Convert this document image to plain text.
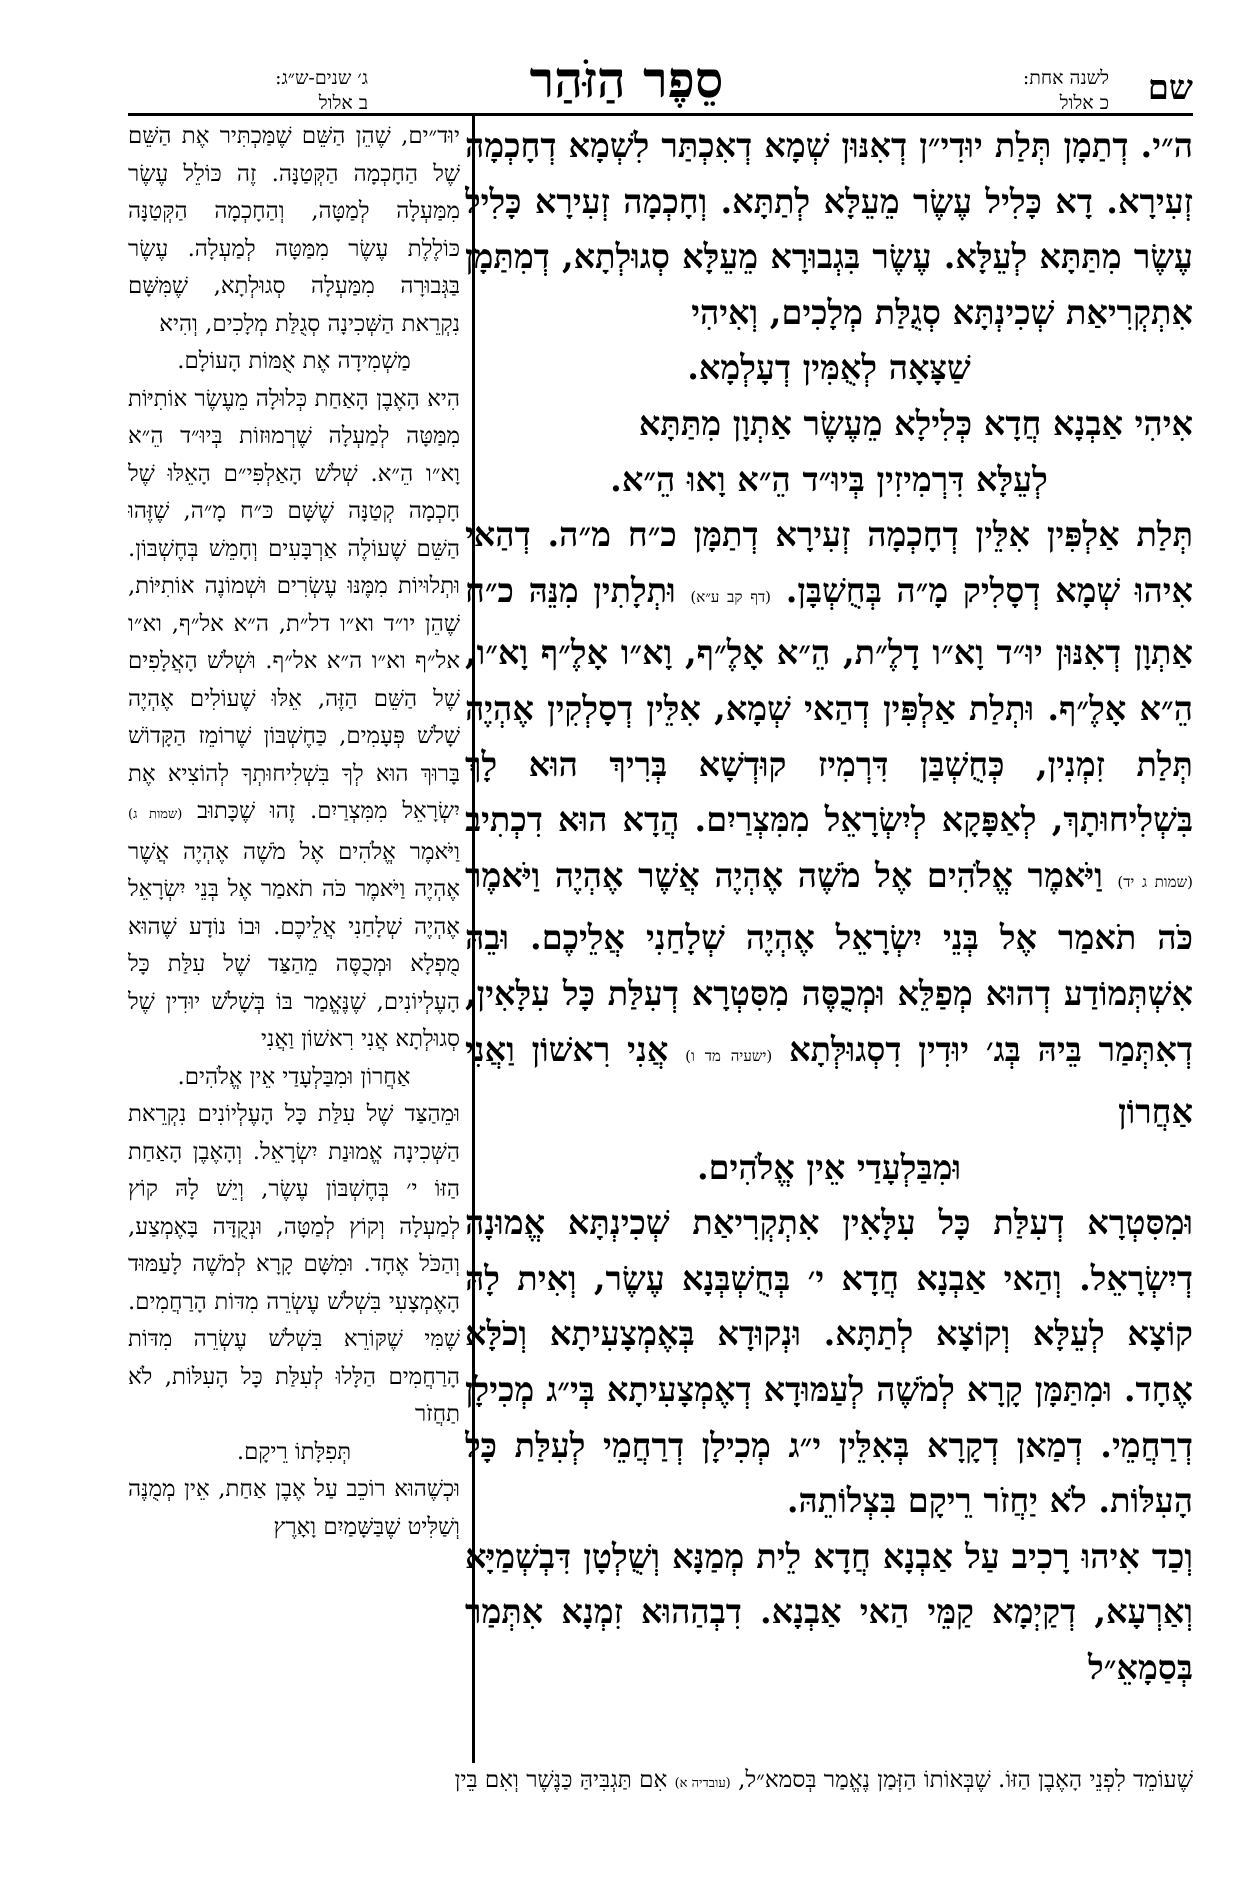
שם
לשנה אחת:
כ אלול
סֵפֶר הַזֹּהַר
ג׳ שנים-ש״ג:
ב אלול

ה״י. דְתַמָן תְּלַת יוּדִי״ן דְאִנּוּן שְׁמָא דְאִכְתַּר לִשְׁמָא דְחָכְמָה זְעִירָא. דָא כָּלִיל עֶשֶׂר מֵעֵלָּא לְתַתָּא. וְחָכְמָה זְעִירָא כָּלִיל עֶשֶׂר מִתַּתָּא לְעֵלָּא. עֶשֶׂר בִּגְבוּרָא מֵעֵלָּא סְגוּלְתָא, דְמִתַּמָן אִתְקְרִיאַת שְׁכִינְתָּא סְגֻלַּת מְלָכִים, וְאִיהִי

שַׁצָּאָה לְאֻמִּין דְעָלְמָא.

אִיהִי אַבְנָא חֲדָא כְּלִילָא מֵעֶשֶׂר אַתְוָן מִתַּתָּא

לְעֵלָּא דִּרְמִיזִין בְּיוּ״ד הֵ״א וָאוּ הֵ״א.

תְּלַת אַלְפִּין אִלֵּין דְחָכְמָה זְעִירָא דְתַמָּן כ״ח מ״ה. דְהַאי אִיהוּ שְׁמָא דְסָלִיק מָ״ה בְּחֻשְׁבָּן. (דף קב ע״א) וּתְלָתִין מִנֵּהּ כ״ח אַתְוָן דְאִנּוּן יוּ״ד וָא״ו דָלֶ״ת, הֵ״א אָלֶ״ף, וָא״ו אָלֶ״ף וָא״ו, הֵ״א אָלֶ״ף. וּתְלַת אַלְפִּין דְהַאי שְׁמָא, אִלֵּין דְסָלְקִין אֶהְיֶה תְּלַת זִמְנִין, כְּחֻשְׁבַּן דִּרְמִיז קוּדְשָׁא בְּרִיךְ הוּא לָךְ בִּשְׁלִיחוּתָךְ, לְאַפָּקָא לְיִשְׂרָאֵל מִמִּצְרַיִם. הֲדָא הוּא דִכְתִיב (שמות ג יד) וַיֹּאמֶר אֱלֹהִים אֶל מֹשֶׁה אֶהְיֶה אֲשֶׁר אֶהְיֶה וַיֹּאמֶר כֹּה תֹאמַר אֶל בְּנֵי יִשְׂרָאֵל אֶהְיֶה שְׁלָחַנִי אֲלֵיכֶם. וּבֵהּ אִשְׁתְּמוֹדַע דְהוּא מְפַלֵּא וּמְכֻסֶּה מִסִּטְרָא דְעִלַּת כָּל עִלָּאִין, דְאִתְּמַר בֵּיהּ בְּג׳ יוּדִין דִסְגוּלְּתָא (ישעיה מד ו) אֲנִי רִאשׁוֹן וַאֲנִי אַחֲרוֹן

וּמִבַּלְעָדַי אֵין אֱלֹהִים.

וּמִסִּטְרָא דְעִלַּת כָּל עִלָּאִין אִתְקְרִיאַת שְׁכִינְתָּא אֱמוּנָה דְיִשְׂרָאֵל. וְהַאי אַבְנָא חֲדָא י׳ בְּחֻשְׁבְּנָא עֶשֶׂר, וְאִית לָהּ קוֹצָא לְעֵלָּא וְקוֹצָא לְתַתָּא. וּנְקוּדָא בְּאֶמְצָעִיתָא וְכֹלָּא אֶחָד. וּמִתַּמָּן קָרָא לְמֹשֶׁה לְעַמּוּדָא דְאֶמְצָעִיתָא בְּי״ג מְכִילָן דְרַחֲמֵי. דְמַאן דְקָרָא בְּאִלֵּין י״ג מְכִילָן דְרַחֲמֵי לְעִלַּת כָּל הָעִלּוֹת. לֹא יַחֲזֹר רֵיקָם בִּצְלוֹתֵהּ.

וְכַד אִיהוּ רָכִיב עַל אַבְנָא חֲדָא לֵית מְמַנָּא וְשֻׁלְטָן דִּבְשְׁמַיָּא וְאַרְעָא, דְקַיְמָא קַמֵּי הַאי אַבְנָא. דִבְהַהוּא זִמְנָא אִתְּמַר בְּסַמָאֵ״ל

יוּד״ים, שֶׁהֵן הַשֵּׁם שֶׁמַּכְתִּיר אֶת הַשֵּׁם שֶׁל הַחָכְמָה הַקְּטַנָּה. זֶה כּוֹלֵל עֶשֶׂר מִמַּעְלָה לְמַטָּה, וְהַחָכְמָה הַקְּטַנָּה כּוֹלֶלֶת עֶשֶׂר מִמַּטָּה לְמַעְלָה. עֶשֶׂר בַּגְּבוּרָה מִמַּעְלָה סְגוּלְתָא, שֶׁמִּשָּׁם נִקְרֵאת הַשְּׁכִינָה סְגֻלַּת מְלָכִים, וְהִיא

מַשְׁמִידָה אֶת אֻמּוֹת הָעוֹלָם.

הִיא הָאֶבֶן הָאַחַת כְּלוּלָה מֵעֶשֶׂר אוֹתִיּוֹת מִמַּטָּה לְמַעְלָה שֶׁרְמוּזוֹת בְּיוּ״ד הֵ״א וָא״ו הֵ״א. שְׁלֹשׁ הָאַלְפִּי״ם הָאֵלּוּ שֶׁל חָכְמָה קְטַנָּה שֶׁשָּׁם כּ״ח מָ״ה, שֶׁזֶּהוּ הַשֵּׁם שֶׁעוֹלֶה אַרְבָּעִים וְחָמֵשׁ בְּחֶשְׁבּוֹן. וּתְלוּיוֹת מִמֶּנּוּ עֶשְׂרִים וּשְׁמוֹנֶה אוֹתִיּוֹת, שֶׁהֵן יו״ד וא״ו דל״ת, ה״א אל״ף, וא״ו אל״ף וא״ו ה״א אל״ף. וּשְׁלֹשׁ הָאֲלָפִים שֶׁל הַשֵּׁם הַזֶּה, אֵלּוּ שֶׁעוֹלִים אֶהְיֶה שָׁלֹשׁ פְּעָמִים, כַּחֶשְׁבּוֹן שֶׁרוֹמֵז הַקָּדוֹשׁ בָּרוּךְ הוּא לְךָ בִּשְׁלִיחוּתְךָ לְהוֹצִיא אֶת יִשְׂרָאֵל מִמִּצְרַיִם. זֶהוּ שֶׁכָּתוּב (שמות ג) וַיֹּאמֶר אֱלֹהִים אֶל מֹשֶׁה אֶהְיֶה אֲשֶׁר אֶהְיֶה וַיֹּאמֶר כֹּה תֹאמַר אֶל בְּנֵי יִשְׂרָאֵל אֶהְיֶה שְׁלָחַנִי אֲלֵיכֶם. וּבוֹ נוֹדָע שֶׁהוּא מֻפְלָא וּמְכֻסֶּה מֵהַצַּד שֶׁל עִלַּת כָּל הָעֶלְיוֹנִים, שֶׁנֶּאֱמַר בּוֹ בְּשָׁלֹשׁ יוּדִין שֶׁל סְגוּלְתָא אֲנִי רִאשׁוֹן וַאֲנִי

אַחֲרוֹן וּמִבַּלְעָדַי אֵין אֱלֹהִים.

וּמֵהַצַּד שֶׁל עִלַּת כָּל הָעֶלְיוֹנִים נִקְרֵאת הַשְּׁכִינָה אֱמוּנַת יִשְׂרָאֵל. וְהָאֶבֶן הָאַחַת הַזּוֹ י׳ בְּחֶשְׁבּוֹן עֶשֶׂר, וְיֵשׁ לָהּ קוֹץ לְמַעְלָה וְקוֹץ לְמַטָּה, וּנְקֻדָּה בָּאֶמְצַע, וְהַכֹּל אֶחָד. וּמִשָּׁם קָרָא לְמֹשֶׁה לָעַמּוּד הָאֶמְצָעִי בִּשְׁלֹשׁ עֶשְׂרֵה מִדּוֹת הָרַחֲמִים. שֶׁמִּי שֶׁקּוֹרֵא בִּשְׁלֹשׁ עֶשְׂרֵה מִדּוֹת הָרַחֲמִים הַלָּלוּ לְעִלַּת כָּל הָעִלּוֹת, לֹא תַחֲזֹר

תְּפִלָּתוֹ רֵיקָם.

וּכְשֶׁהוּא רוֹכֵב עַל אֶבֶן אַחַת, אֵין מְמֻנֶּה וְשַׁלִּיט שֶׁבַּשָּׁמַיִם וָאָרֶץ

שֶׁעוֹמֵד לִפְנֵי הָאֶבֶן הַזּוֹ. שֶׁבְּאוֹתוֹ הַזְּמַן נֶאֱמַר בְּסמא״ל, (עובדיה א) אִם תַּגְבִּיהַּ כַּנֶּשֶׁר וְאִם בֵּין
